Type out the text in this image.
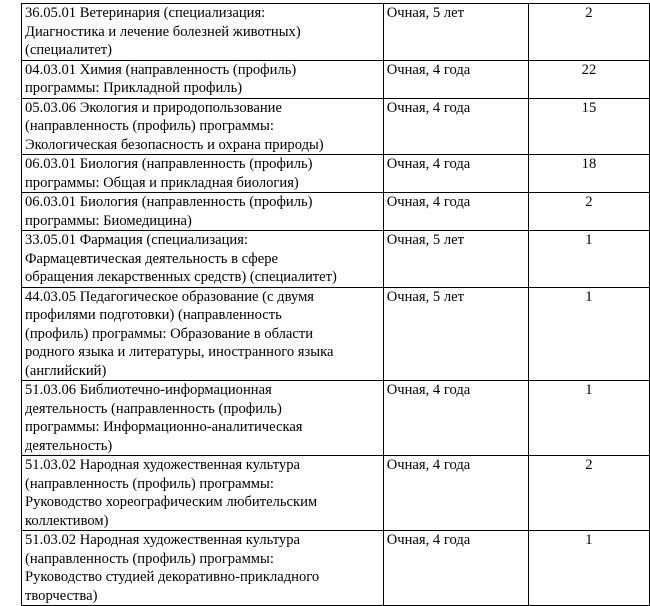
36.05.01 Ветеринария (специализация:
Диагностика и лечение болезней животных)
(специалитет)	Очная, 5 лет	2

04.03.01 Химия (направленность (профиль)
программы: Прикладной профиль)	Очная, 4 года	22

05.03.06 Экология и природопользование
(направленность (профиль) программы:
Экологическая безопасность и охрана природы)	Очная, 4 года	15

06.03.01 Биология (направленность (профиль)
программы: Общая и прикладная биология)	Очная, 4 года	18

06.03.01 Биология (направленность (профиль)
программы: Биомедицина)	Очная, 4 года	2

33.05.01 Фармация (специализация:
Фармацевтическая деятельность в сфере
обращения лекарственных средств) (специалитет)	Очная, 5 лет	1

44.03.05 Педагогическое образование (с двумя
профилями подготовки) (направленность
(профиль) программы: Образование в области
родного языка и литературы, иностранного языка
(английский)	Очная, 5 лет	1

51.03.06 Библиотечно-информационная
деятельность (направленность (профиль)
программы: Информационно-аналитическая
деятельность)	Очная, 4 года	1

51.03.02 Народная художественная культура
(направленность (профиль) программы:
Руководство хореографическим любительским
коллективом)	Очная, 4 года	2

51.03.02 Народная художественная культура
(направленность (профиль) программы:
Руководство студией декоративно-прикладного
творчества)	Очная, 4 года	1
